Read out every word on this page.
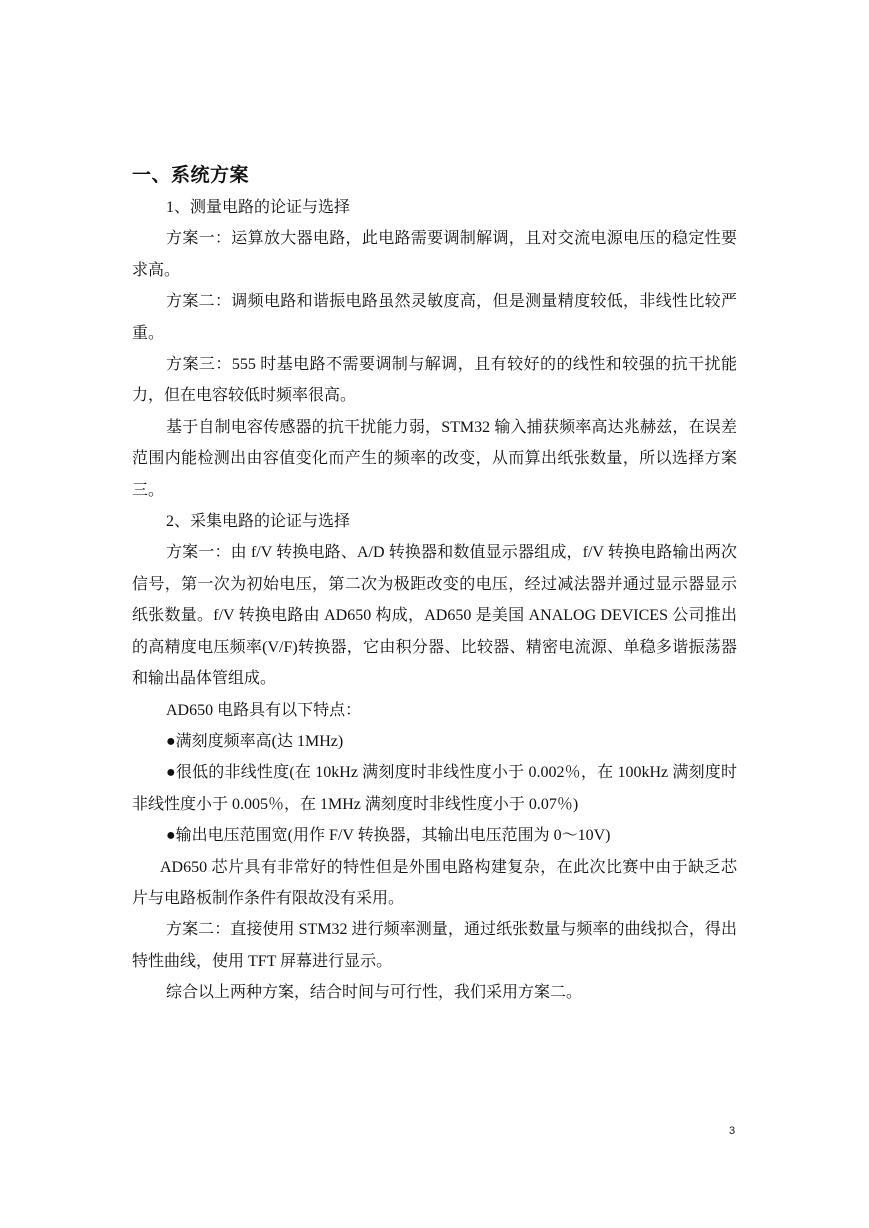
一、系统方案

1、测量电路的论证与选择

方案一：运算放大器电路，此电路需要调制解调，且对交流电源电压的稳定性要求高。

方案二：调频电路和谐振电路虽然灵敏度高，但是测量精度较低，非线性比较严重。

方案三：555 时基电路不需要调制与解调，且有较好的的线性和较强的抗干扰能力，但在电容较低时频率很高。

基于自制电容传感器的抗干扰能力弱，STM32 输入捕获频率高达兆赫兹，在误差范围内能检测出由容值变化而产生的频率的改变，从而算出纸张数量，所以选择方案三。

2、采集电路的论证与选择

方案一：由 f/V 转换电路、A/D 转换器和数值显示器组成，f/V 转换电路输出两次信号，第一次为初始电压，第二次为极距改变的电压，经过减法器并通过显示器显示纸张数量。f/V 转换电路由 AD650 构成，AD650 是美国 ANALOG DEVICES 公司推出的高精度电压频率(V/F)转换器，它由积分器、比较器、精密电流源、单稳多谐振荡器和输出晶体管组成。

AD650 电路具有以下特点：

●满刻度频率高(达 1MHz)

●很低的非线性度(在 10kHz 满刻度时非线性度小于 0.002％，在 100kHz 满刻度时非线性度小于 0.005％，在 1MHz 满刻度时非线性度小于 0.07％)

●输出电压范围宽(用作 F/V 转换器，其输出电压范围为 0～10V)

AD650 芯片具有非常好的特性但是外围电路构建复杂，在此次比赛中由于缺乏芯片与电路板制作条件有限故没有采用。

方案二：直接使用 STM32 进行频率测量，通过纸张数量与频率的曲线拟合，得出特性曲线，使用 TFT 屏幕进行显示。

综合以上两种方案，结合时间与可行性，我们采用方案二。

3
